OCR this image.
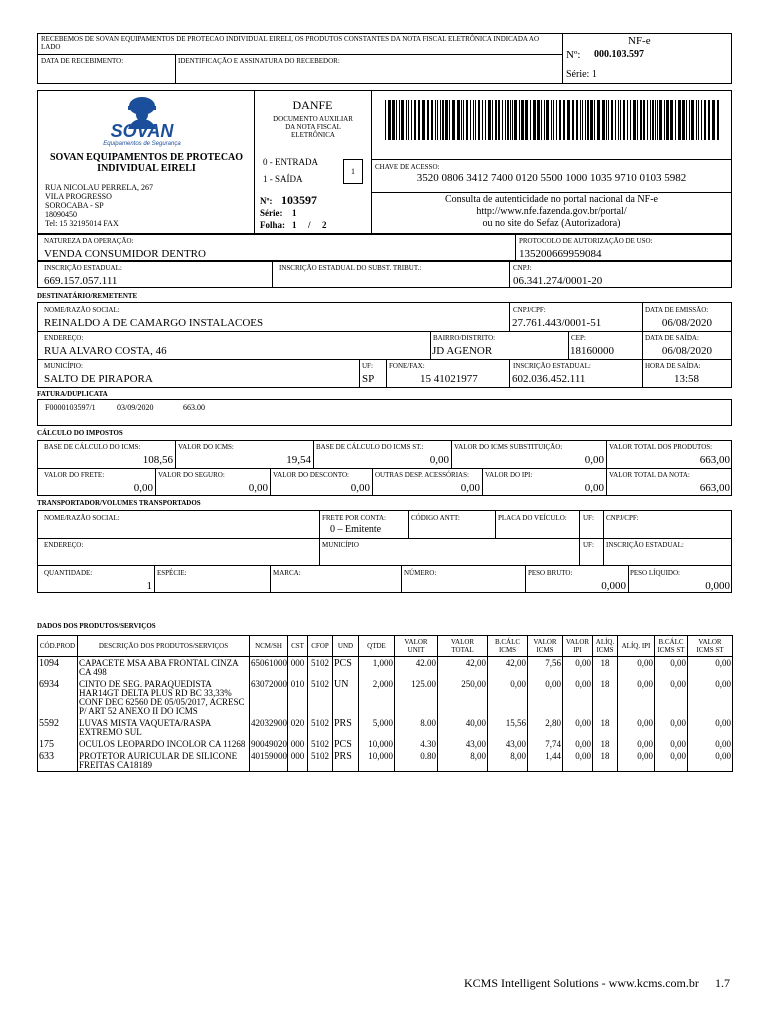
RECEBEMOS DE SOVAN EQUIPAMENTOS DE PROTECAO INDIVIDUAL EIRELI, OS PRODUTOS CONSTANTES DA NOTA FISCAL ELETRÔNICA INDICADA AO LADO
DATA DE RECEBIMENTO:	IDENTIFICAÇÃO E ASSINATURA DO RECEBEDOR:
NF-e
Nº: 000.103.597
Série: 1
SOVAN
Equipamentos de Segurança
SOVAN EQUIPAMENTOS DE PROTECAO INDIVIDUAL EIRELI
RUA NICOLAU PERRELA, 267
VILA PROGRESSO
SOROCABA - SP
18090450
Tel: 15 32195014 FAX
DANFE
DOCUMENTO AUXILIAR DA NOTA FISCAL ELETRÔNICA
0 - ENTRADA
1 - SAÍDA
1
Nº: 103597
Série: 1
Folha: 1 / 2
CHAVE DE ACESSO:
3520 0806 3412 7400 0120 5500 1000 1035 9710 0103 5982
Consulta de autenticidade no portal nacional da NF-e
http://www.nfe.fazenda.gov.br/portal/
ou no site do Sefaz (Autorizadora)
NATUREZA DA OPERAÇÃO:
VENDA CONSUMIDOR DENTRO
PROTOCOLO DE AUTORIZAÇÃO DE USO:
135200669959084
INSCRIÇÃO ESTADUAL:
669.157.057.111
INSCRIÇÃO ESTADUAL DO SUBST. TRIBUT.:	CNPJ:
06.341.274/0001-20
DESTINATÁRIO/REMETENTE
NOME/RAZÃO SOCIAL:
REINALDO A DE CAMARGO INSTALACOES
CNPJ/CPF:
27.761.443/0001-51
DATA DE EMISSÃO:
06/08/2020
ENDEREÇO:
RUA ALVARO COSTA, 46
BAIRRO/DISTRITO:
JD AGENOR
CEP:
18160000
DATA DE SAÍDA:
06/08/2020
MUNICÍPIO:
SALTO DE PIRAPORA
UF:
SP
FONE/FAX:
15 41021977
INSCRIÇÃO ESTADUAL:
602.036.452.111
HORA DE SAÍDA:
13:58
FATURA/DUPLICATA
F0000103597/1	03/09/2020	663.00
CÁLCULO DO IMPOSTOS
BASE DE CÁLCULO DO ICMS:
108,56
VALOR DO ICMS:
19,54
BASE DE CÁLCULO DO ICMS ST.:
0,00
VALOR DO ICMS SUBSTITUIÇÃO:
0,00
VALOR TOTAL DOS PRODUTOS:
663,00
VALOR DO FRETE:
0,00
VALOR DO SEGURO:
0,00
VALOR DO DESCONTO:
0,00
OUTRAS DESP. ACESSÓRIAS:
0,00
VALOR DO IPI:
0,00
VALOR TOTAL DA NOTA:
663,00
TRANSPORTADOR/VOLUMES TRANSPORTADOS
NOME/RAZÃO SOCIAL:	FRETE POR CONTA:
0 – Emitente
CÓDIGO ANTT:	PLACA DO VEÍCULO: UF: CNPJ/CPF:
ENDEREÇO:	MUNICÍPIO	UF: INSCRIÇÃO ESTADUAL:
QUANTIDADE:
1
ESPÉCIE:	MARCA:	NÚMERO:	PESO BRUTO:
0,000
PESO LÍQUIDO:
0,000
DADOS DOS PRODUTOS/SERVIÇOS
CÓD.PROD	DESCRIÇÃO DOS PRODUTOS/SERVIÇOS	NCM/SH	CST	CFOP	UND	QTDE	VALOR UNIT	VALOR TOTAL	B.CÁLC ICMS	VALOR ICMS	VALOR IPI	ALÍQ. ICMS	ALÍQ. IPI	B.CÁLC ICMS ST	VALOR ICMS ST
1094	CAPACETE MSA ABA FRONTAL CINZA CA 498	65061000	000	5102	PCS	1,000	42.00	42,00	42,00	7,56	0,00	18	0,00	0,00	0,00
6934	CINTO DE SEG. PARAQUEDISTA HAR14GT DELTA PLUS RD BC 33,33% CONF DEC 62560 DE 05/05/2017, ACRESC P/ ART 52 ANEXO II DO ICMS	63072000	010	5102	UN	2,000	125.00	250,00	0,00	0,00	0,00	18	0,00	0,00	0,00
5592	LUVAS MISTA VAQUETA/RASPA EXTREMO SUL	42032900	020	5102	PRS	5,000	8.00	40,00	15,56	2,80	0,00	18	0,00	0,00	0,00
175	OCULOS LEOPARDO INCOLOR CA 11268	90049020	000	5102	PCS	10,000	4.30	43,00	43,00	7,74	0,00	18	0,00	0,00	0,00
633	PROTETOR AURICULAR DE SILICONE FREITAS CA18189	40159000	000	5102	PRS	10,000	0.80	8,00	8,00	1,44	0,00	18	0,00	0,00	0,00
KCMS Intelligent Solutions - www.kcms.com.br 1.7
